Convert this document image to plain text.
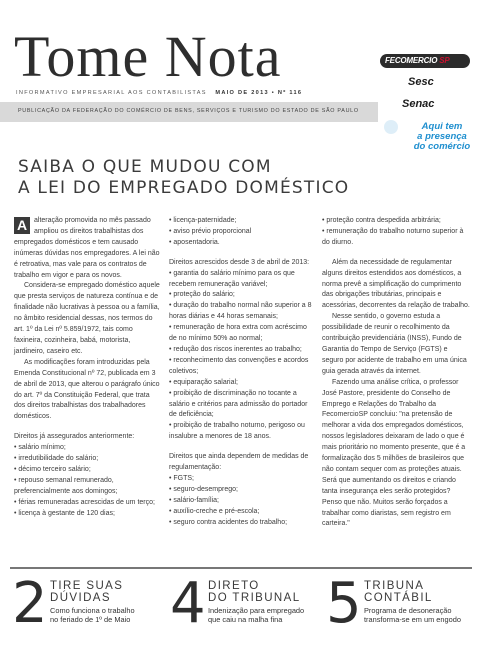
Tome Nota
INFORMATIVO EMPRESARIAL AOS CONTABILISTAS MAIO DE 2013 • Nº 116
PUBLICAÇÃO DA FEDERAÇÃO DO COMÉRCIO DE BENS, SERVIÇOS E TURISMO DO ESTADO DE SÃO PAULO
FECOMERCIO SP
Sesc
Senac
Aqui tem
a presença
do comércio
SAIBA O QUE MUDOU COM
A LEI DO EMPREGADO DOMÉSTICO

A alteração promovida no mês passado ampliou os direitos trabalhistas dos empregados domésticos e tem causado inúmeras dúvidas nos empregadores. A lei não é retroativa, mas vale para os contratos de trabalho em vigor e para os novos.

Considera-se empregado doméstico aquele que presta serviços de natureza contínua e de finalidade não lucrativas à pessoa ou a família, no âmbito residencial dessas, nos termos do art. 1º da Lei nº 5.859/1972, tais como faxineira, cozinheira, babá, motorista, jardineiro, caseiro etc.

As modificações foram introduzidas pela Emenda Constitucional nº 72, publicada em 3 de abril de 2013, que alterou o parágrafo único do art. 7º da Constituição Federal, que trata dos direitos trabalhistas dos trabalhadores domésticos.

Direitos já assegurados anteriormente:

• salário mínimo;

• irredutibilidade do salário;

• décimo terceiro salário;

• repouso semanal remunerado, preferencialmente aos domingos;

• férias remuneradas acrescidas de um terço;

• licença à gestante de 120 dias;

• licença-paternidade;

• aviso prévio proporcional

• aposentadoria.

Direitos acrescidos desde 3 de abril de 2013:

• garantia do salário mínimo para os que recebem remuneração variável;

• proteção do salário;

• duração do trabalho normal não superior a 8 horas diárias e 44 horas semanais;

• remuneração de hora extra com acréscimo de no mínimo 50% ao normal;

• redução dos riscos inerentes ao trabalho;

• reconhecimento das convenções e acordos coletivos;

• equiparação salarial;

• proibição de discriminação no tocante a salário e critérios para admissão do portador de deficiência;

• proibição de trabalho noturno, perigoso ou insalubre a menores de 18 anos.

Direitos que ainda dependem de medidas de regulamentação:

• FGTS;

• seguro-desemprego;

• salário-família;

• auxílio-creche e pré-escola;

• seguro contra acidentes do trabalho;

• proteção contra despedida arbitrária;

• remuneração do trabalho noturno superior à do diurno.

Além da necessidade de regulamentar alguns direitos estendidos aos domésticos, a norma prevê a simplificação do cumprimento das obrigações tributárias, principais e acessórias, decorrentes da relação de trabalho.

Nesse sentido, o governo estuda a possibilidade de reunir o recolhimento da contribuição previdenciária (INSS), Fundo de Garantia do Tempo de Serviço (FGTS) e seguro por acidente de trabalho em uma única guia gerada através da internet.

Fazendo uma análise crítica, o professor José Pastore, presidente do Conselho de Emprego e Relações do Trabalho da FecomercioSP concluiu: "na pretensão de melhorar a vida dos empregados domésticos, nossos legisladores deixaram de lado o que é mais prioritário no momento presente, que é a formalização dos 5 milhões de brasileiros que não contam sequer com as proteções atuais. Será que aumentando os direitos e criando tanta insegurança eles serão protegidos? Penso que não. Muitos serão forçados a trabalhar como diaristas, sem registro em carteira."

2 TIRE SUAS
DÚVIDAS
Como funciona o trabalho
no feriado de 1º de Maio 4 DIRETO
DO TRIBUNAL
Indenização para empregado
que caiu na malha fina 5 TRIBUNA
CONTÁBIL
Programa de desoneração
transforma-se em um engodo
